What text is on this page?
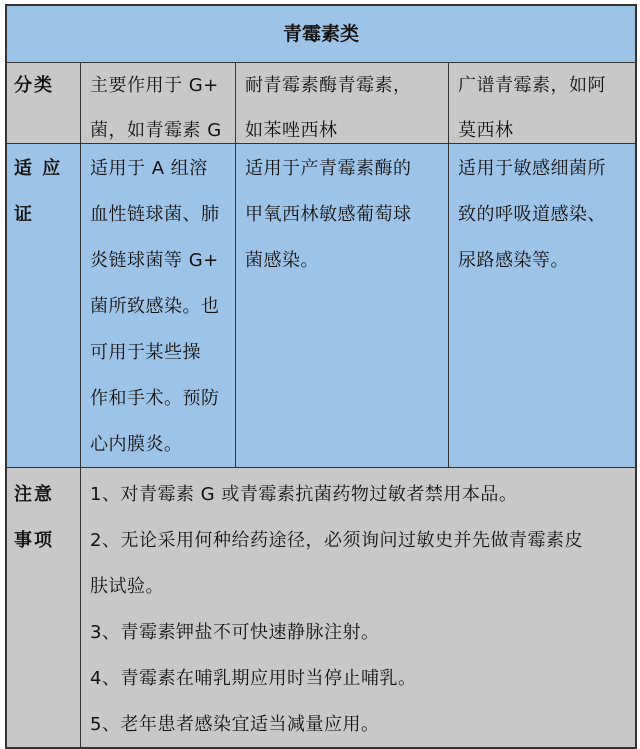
青霉素类
分类	主要作用于 G+
菌，如青霉素 G
耐青霉素酶青霉素，
如苯唑西林
广谱青霉素，如阿
莫西林
适 应
证
适用于 A 组溶
血性链球菌、肺
炎链球菌等 G+
菌所致感染。也
可用于某些操
作和手术。预防
心内膜炎。
适用于产青霉素酶的
甲氧西林敏感葡萄球
菌感染。
适用于敏感细菌所
致的呼吸道感染、
尿路感染等。
注意
事项
1、对青霉素 G 或青霉素抗菌药物过敏者禁用本品。
2、无论采用何种给药途径，必须询问过敏史并先做青霉素皮
肤试验。
3、青霉素钾盐不可快速静脉注射。
4、青霉素在哺乳期应用时当停止哺乳。
5、老年患者感染宜适当减量应用。
